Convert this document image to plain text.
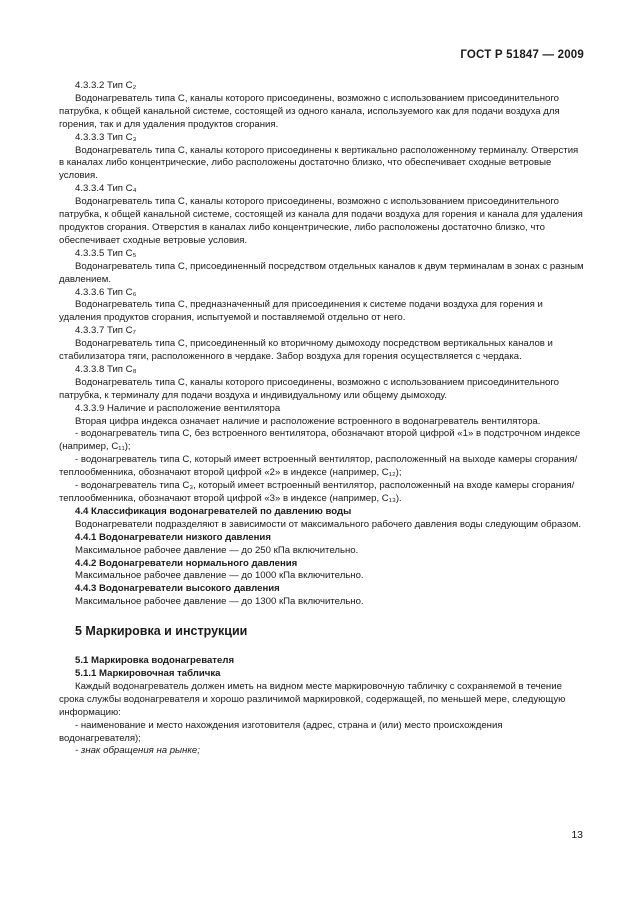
ГОСТ Р 51847 — 2009

4.3.3.2 Тип C₂

Водонагреватель типа C, каналы которого присоединены, возможно с использованием присоединительного патрубка, к общей канальной системе, состоящей из одного канала, используемого как для подачи воздуха для горения, так и для удаления продуктов сгорания.

4.3.3.3 Тип C₃

Водонагреватель типа C, каналы которого присоединены к вертикально расположенному терминалу. Отверстия в каналах либо концентрические, либо расположены достаточно близко, что обеспечивает сходные ветровые условия.

4.3.3.4 Тип C₄

Водонагреватель типа C, каналы которого присоединены, возможно с использованием присоединительного патрубка, к общей канальной системе, состоящей из канала для подачи воздуха для горения и канала для удаления продуктов сгорания. Отверстия в каналах либо концентрические, либо расположены достаточно близко, что обеспечивает сходные ветровые условия.

4.3.3.5 Тип C₅

Водонагреватель типа C, присоединенный посредством отдельных каналов к двум терминалам в зонах с разным давлением.

4.3.3.6 Тип C₆

Водонагреватель типа C, предназначенный для присоединения к системе подачи воздуха для горения и удаления продуктов сгорания, испытуемой и поставляемой отдельно от него.

4.3.3.7 Тип C₇

Водонагреватель типа C, присоединенный ко вторичному дымоходу посредством вертикальных каналов и стабилизатора тяги, расположенного в чердаке. Забор воздуха для горения осуществляется с чердака.

4.3.3.8 Тип C₈

Водонагреватель типа C, каналы которого присоединены, возможно с использованием присоединительного патрубка, к терминалу для подачи воздуха и индивидуальному или общему дымоходу.

4.3.3.9 Наличие и расположение вентилятора

Вторая цифра индекса означает наличие и расположение встроенного в водонагреватель вентилятора.

- водонагреватель типа C, без встроенного вентилятора, обозначают второй цифрой «1» в подстрочном индексе (например, C₁₁);

- водонагреватель типа C, который имеет встроенный вентилятор, расположенный на выходе камеры сгорания/теплообменника, обозначают второй цифрой «2» в индексе (например, C₁₂);

- водонагреватель типа C₃, который имеет встроенный вентилятор, расположенный на входе камеры сгорания/теплообменника, обозначают второй цифрой «3» в индексе (например, C₁₃).

4.4 Классификация водонагревателей по давлению воды

Водонагреватели подразделяют в зависимости от максимального рабочего давления воды следующим образом.

4.4.1 Водонагреватели низкого давления

Максимальное рабочее давление — до 250 кПа включительно.

4.4.2 Водонагреватели нормального давления

Максимальное рабочее давление — до 1000 кПа включительно.

4.4.3 Водонагреватели высокого давления

Максимальное рабочее давление — до 1300 кПа включительно.

5 Маркировка и инструкции

5.1 Маркировка водонагревателя

5.1.1 Маркировочная табличка

Каждый водонагреватель должен иметь на видном месте маркировочную табличку с сохраняемой в течение срока службы водонагревателя и хорошо различимой маркировкой, содержащей, по меньшей мере, следующую информацию:

- наименование и место нахождения изготовителя (адрес, страна и (или) место происхождения водонагревателя);

- знак обращения на рынке;

13
